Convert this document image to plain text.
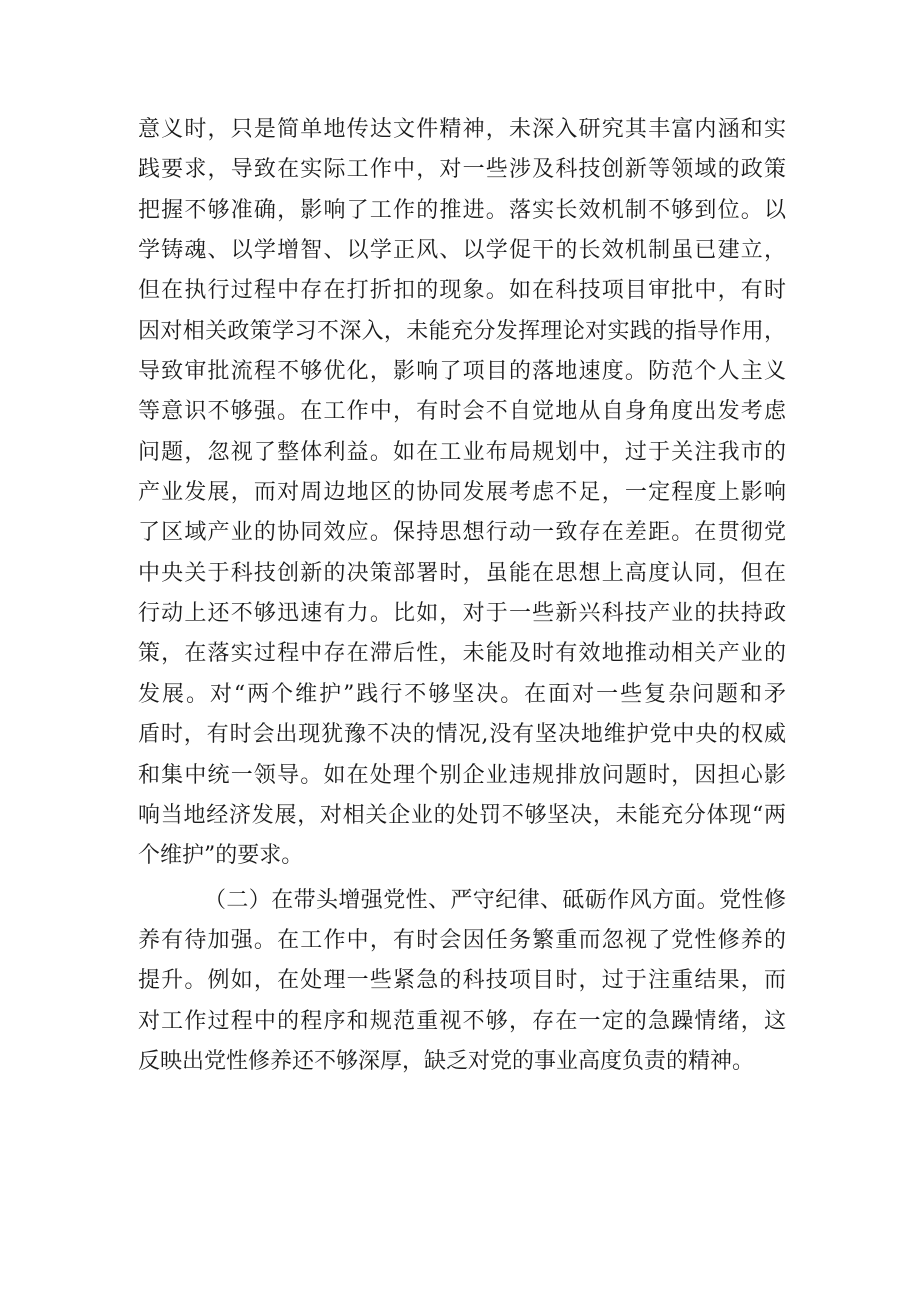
意义时，只是简单地传达文件精神，未深入研究其丰富内涵和实
践要求，导致在实际工作中，对一些涉及科技创新等领域的政策
把握不够准确，影响了工作的推进。落实长效机制不够到位。以
学铸魂、以学增智、以学正风、以学促干的长效机制虽已建立，
但在执行过程中存在打折扣的现象。如在科技项目审批中，有时
因对相关政策学习不深入，未能充分发挥理论对实践的指导作用，
导致审批流程不够优化，影响了项目的落地速度。防范个人主义
等意识不够强。在工作中，有时会不自觉地从自身角度出发考虑
问题，忽视了整体利益。如在工业布局规划中，过于关注我市的
产业发展，而对周边地区的协同发展考虑不足，一定程度上影响
了区域产业的协同效应。保持思想行动一致存在差距。在贯彻党
中央关于科技创新的决策部署时，虽能在思想上高度认同，但在
行动上还不够迅速有力。比如，对于一些新兴科技产业的扶持政
策，在落实过程中存在滞后性，未能及时有效地推动相关产业的
发展。对“两个维护”践行不够坚决。在面对一些复杂问题和矛
盾时，有时会出现犹豫不决的情况,没有坚决地维护党中央的权威
和集中统一领导。如在处理个别企业违规排放问题时，因担心影
响当地经济发展，对相关企业的处罚不够坚决，未能充分体现“两
个维护”的要求。
（二）在带头增强党性、严守纪律、砥砺作风方面。党性修
养有待加强。在工作中，有时会因任务繁重而忽视了党性修养的
提升。例如，在处理一些紧急的科技项目时，过于注重结果，而
对工作过程中的程序和规范重视不够，存在一定的急躁情绪，这
反映出党性修养还不够深厚，缺乏对党的事业高度负责的精神。
